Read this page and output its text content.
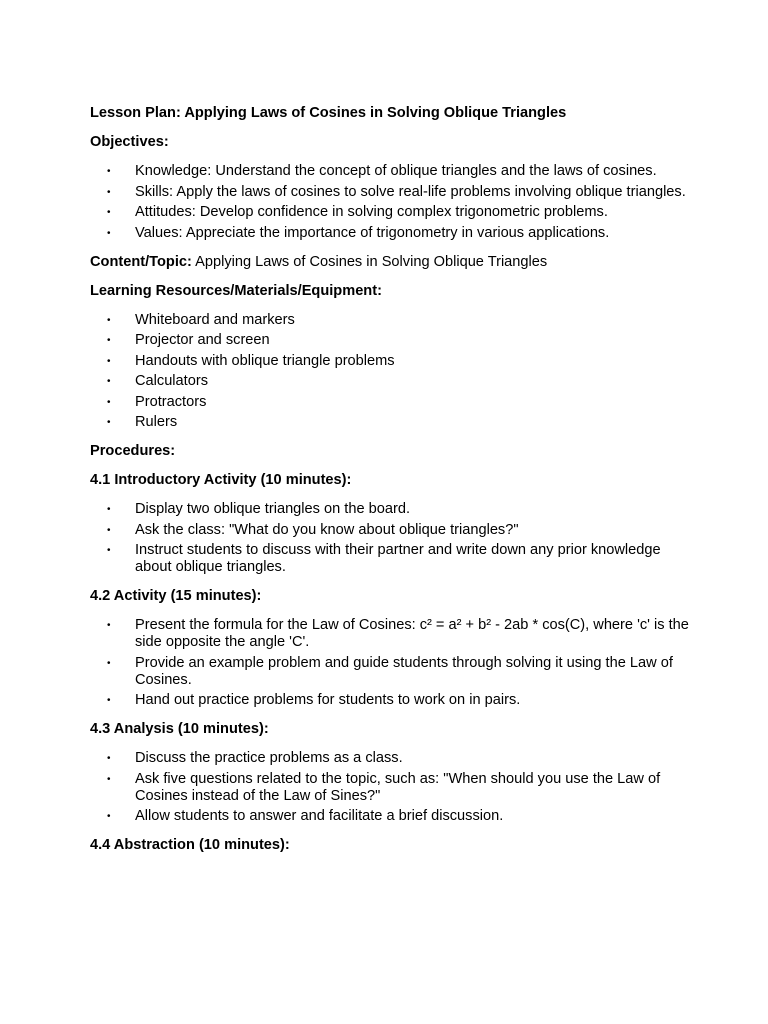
Lesson Plan: Applying Laws of Cosines in Solving Oblique Triangles

Objectives:

• Knowledge: Understand the concept of oblique triangles and the laws of cosines.
• Skills: Apply the laws of cosines to solve real-life problems involving oblique triangles.
• Attitudes: Develop confidence in solving complex trigonometric problems.
• Values: Appreciate the importance of trigonometry in various applications.

Content/Topic: Applying Laws of Cosines in Solving Oblique Triangles

Learning Resources/Materials/Equipment:

• Whiteboard and markers
• Projector and screen
• Handouts with oblique triangle problems
• Calculators
• Protractors
• Rulers

Procedures:

4.1 Introductory Activity (10 minutes):

• Display two oblique triangles on the board.
• Ask the class: "What do you know about oblique triangles?"
• Instruct students to discuss with their partner and write down any prior knowledge about oblique triangles.

4.2 Activity (15 minutes):

• Present the formula for the Law of Cosines: c² = a² + b² - 2ab * cos(C), where 'c' is the side opposite the angle 'C'.
• Provide an example problem and guide students through solving it using the Law of Cosines.
• Hand out practice problems for students to work on in pairs.

4.3 Analysis (10 minutes):

• Discuss the practice problems as a class.
• Ask five questions related to the topic, such as: "When should you use the Law of Cosines instead of the Law of Sines?"
• Allow students to answer and facilitate a brief discussion.

4.4 Abstraction (10 minutes):
